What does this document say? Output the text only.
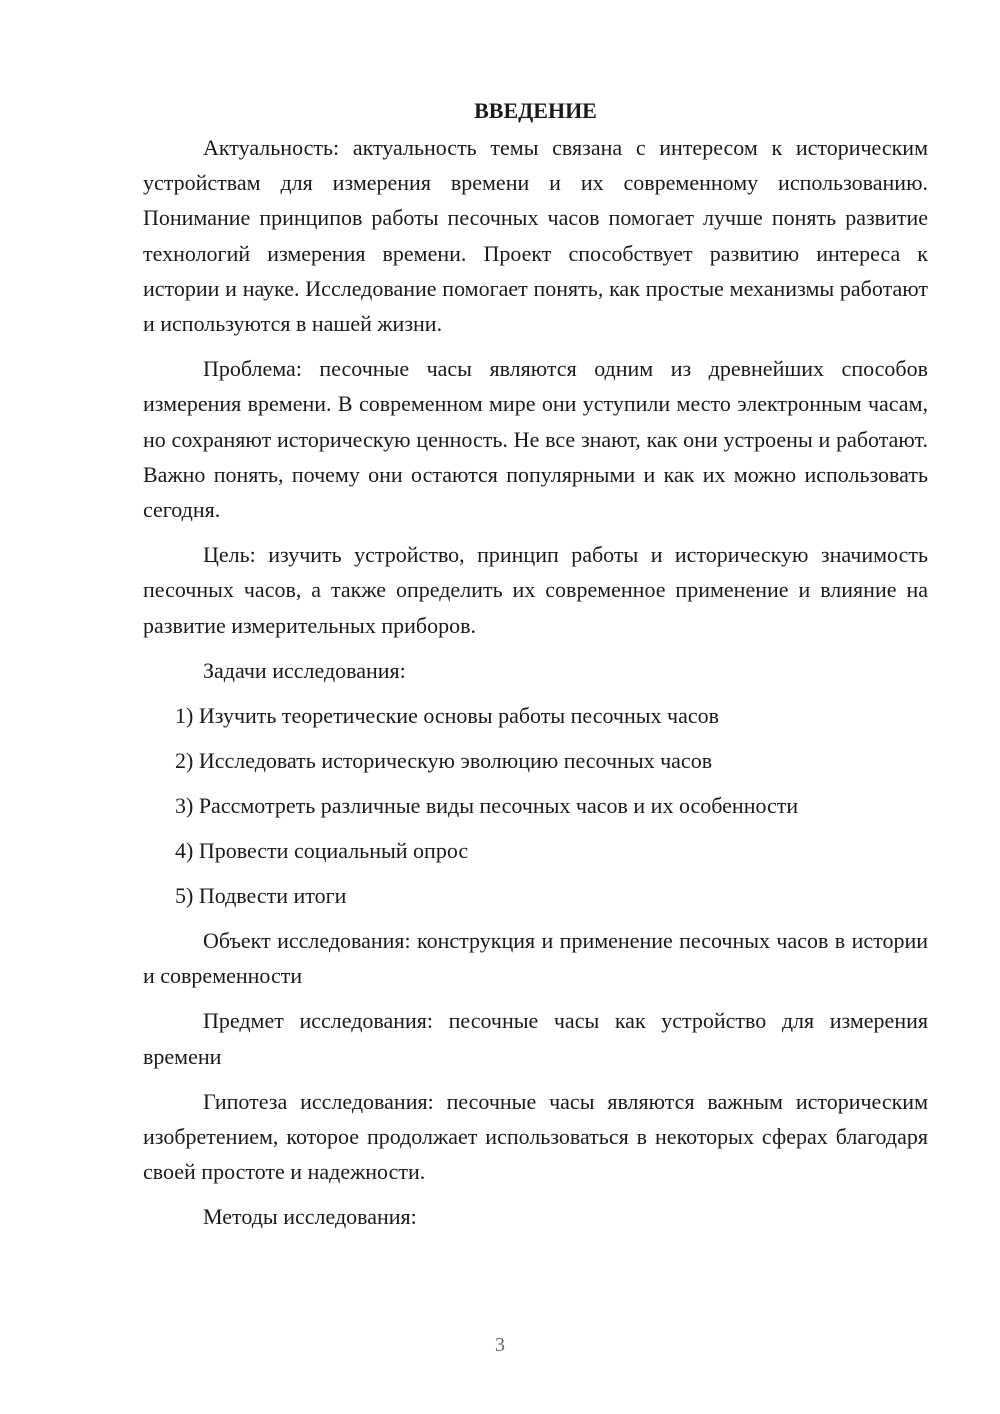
ВВЕДЕНИЕ

Актуальность: актуальность темы связана с интересом к историческим устройствам для измерения времени и их современному использованию. Понимание принципов работы песочных часов помогает лучше понять развитие технологий измерения времени. Проект способствует развитию интереса к истории и науке. Исследование помогает понять, как простые механизмы работают и используются в нашей жизни.

Проблема: песочные часы являются одним из древнейших способов измерения времени. В современном мире они уступили место электронным часам, но сохраняют историческую ценность. Не все знают, как они устроены и работают. Важно понять, почему они остаются популярными и как их можно использовать сегодня.

Цель: изучить устройство, принцип работы и историческую значимость песочных часов, а также определить их современное применение и влияние на развитие измерительных приборов.

Задачи исследования:

1) Изучить теоретические основы работы песочных часов

2) Исследовать историческую эволюцию песочных часов

3) Рассмотреть различные виды песочных часов и их особенности

4) Провести социальный опрос

5) Подвести итоги

Объект исследования: конструкция и применение песочных часов в истории и современности

Предмет исследования: песочные часы как устройство для измерения времени

Гипотеза исследования: песочные часы являются важным историческим изобретением, которое продолжает использоваться в некоторых сферах благодаря своей простоте и надежности.

Методы исследования:

3
